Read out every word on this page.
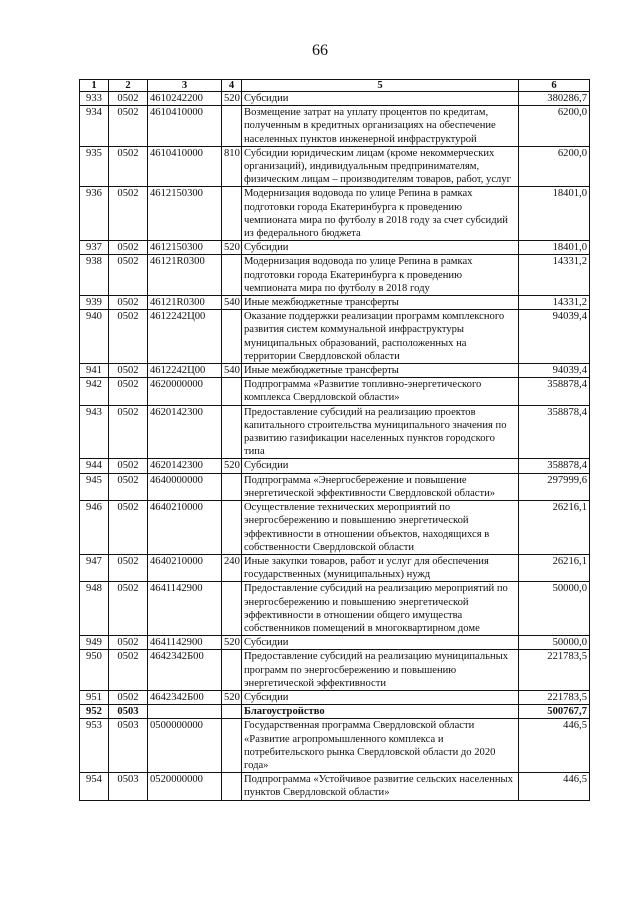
66
1	2	3	4	5	6
933	0502	4610242200	520	Субсидии	380286,7
934	0502	4610410000		Возмещение затрат на уплату процентов по кредитам, полученным в кредитных организациях на обеспечение населенных пунктов инженерной инфраструктурой	6200,0
935	0502	4610410000	810	Субсидии юридическим лицам (кроме некоммерческих организаций), индивидуальным предпринимателям, физическим лицам – производителям товаров, работ, услуг	6200,0
936	0502	4612150300		Модернизация водовода по улице Репина в рамках подготовки города Екатеринбурга к проведению чемпионата мира по футболу в 2018 году за счет субсидий из федерального бюджета	18401,0
937	0502	4612150300	520	Субсидии	18401,0
938	0502	46121R0300		Модернизация водовода по улице Репина в рамках подготовки города Екатеринбурга к проведению чемпионата мира по футболу в 2018 году	14331,2
939	0502	46121R0300	540	Иные межбюджетные трансферты	14331,2
940	0502	4612242Ц00		Оказание поддержки реализации программ комплексного развития систем коммунальной инфраструктуры муниципальных образований, расположенных на территории Свердловской области	94039,4
941	0502	4612242Ц00	540	Иные межбюджетные трансферты	94039,4
942	0502	4620000000		Подпрограмма «Развитие топливно-энергетического комплекса Свердловской области»	358878,4
943	0502	4620142300		Предоставление субсидий на реализацию проектов капитального строительства муниципального значения по развитию газификации населенных пунктов городского типа	358878,4
944	0502	4620142300	520	Субсидии	358878,4
945	0502	4640000000		Подпрограмма «Энергосбережение и повышение энергетической эффективности Свердловской области»	297999,6
946	0502	4640210000		Осуществление технических мероприятий по энергосбережению и повышению энергетической эффективности в отношении объектов, находящихся в собственности Свердловской области	26216,1
947	0502	4640210000	240	Иные закупки товаров, работ и услуг для обеспечения государственных (муниципальных) нужд	26216,1
948	0502	4641142900		Предоставление субсидий на реализацию мероприятий по энергосбережению и повышению энергетической эффективности в отношении общего имущества собственников помещений в многоквартирном доме	50000,0
949	0502	4641142900	520	Субсидии	50000,0
950	0502	4642342Б00		Предоставление субсидий на реализацию муниципальных программ по энергосбережению и повышению энергетической эффективности	221783,5
951	0502	4642342Б00	520	Субсидии	221783,5
952	0503			Благоустройство	500767,7
953	0503	0500000000		Государственная программа Свердловской области «Развитие агропромышленного комплекса и потребительского рынка Свердловской области до 2020 года»	446,5
954	0503	0520000000		Подпрограмма «Устойчивое развитие сельских населенных пунктов Свердловской области»	446,5
